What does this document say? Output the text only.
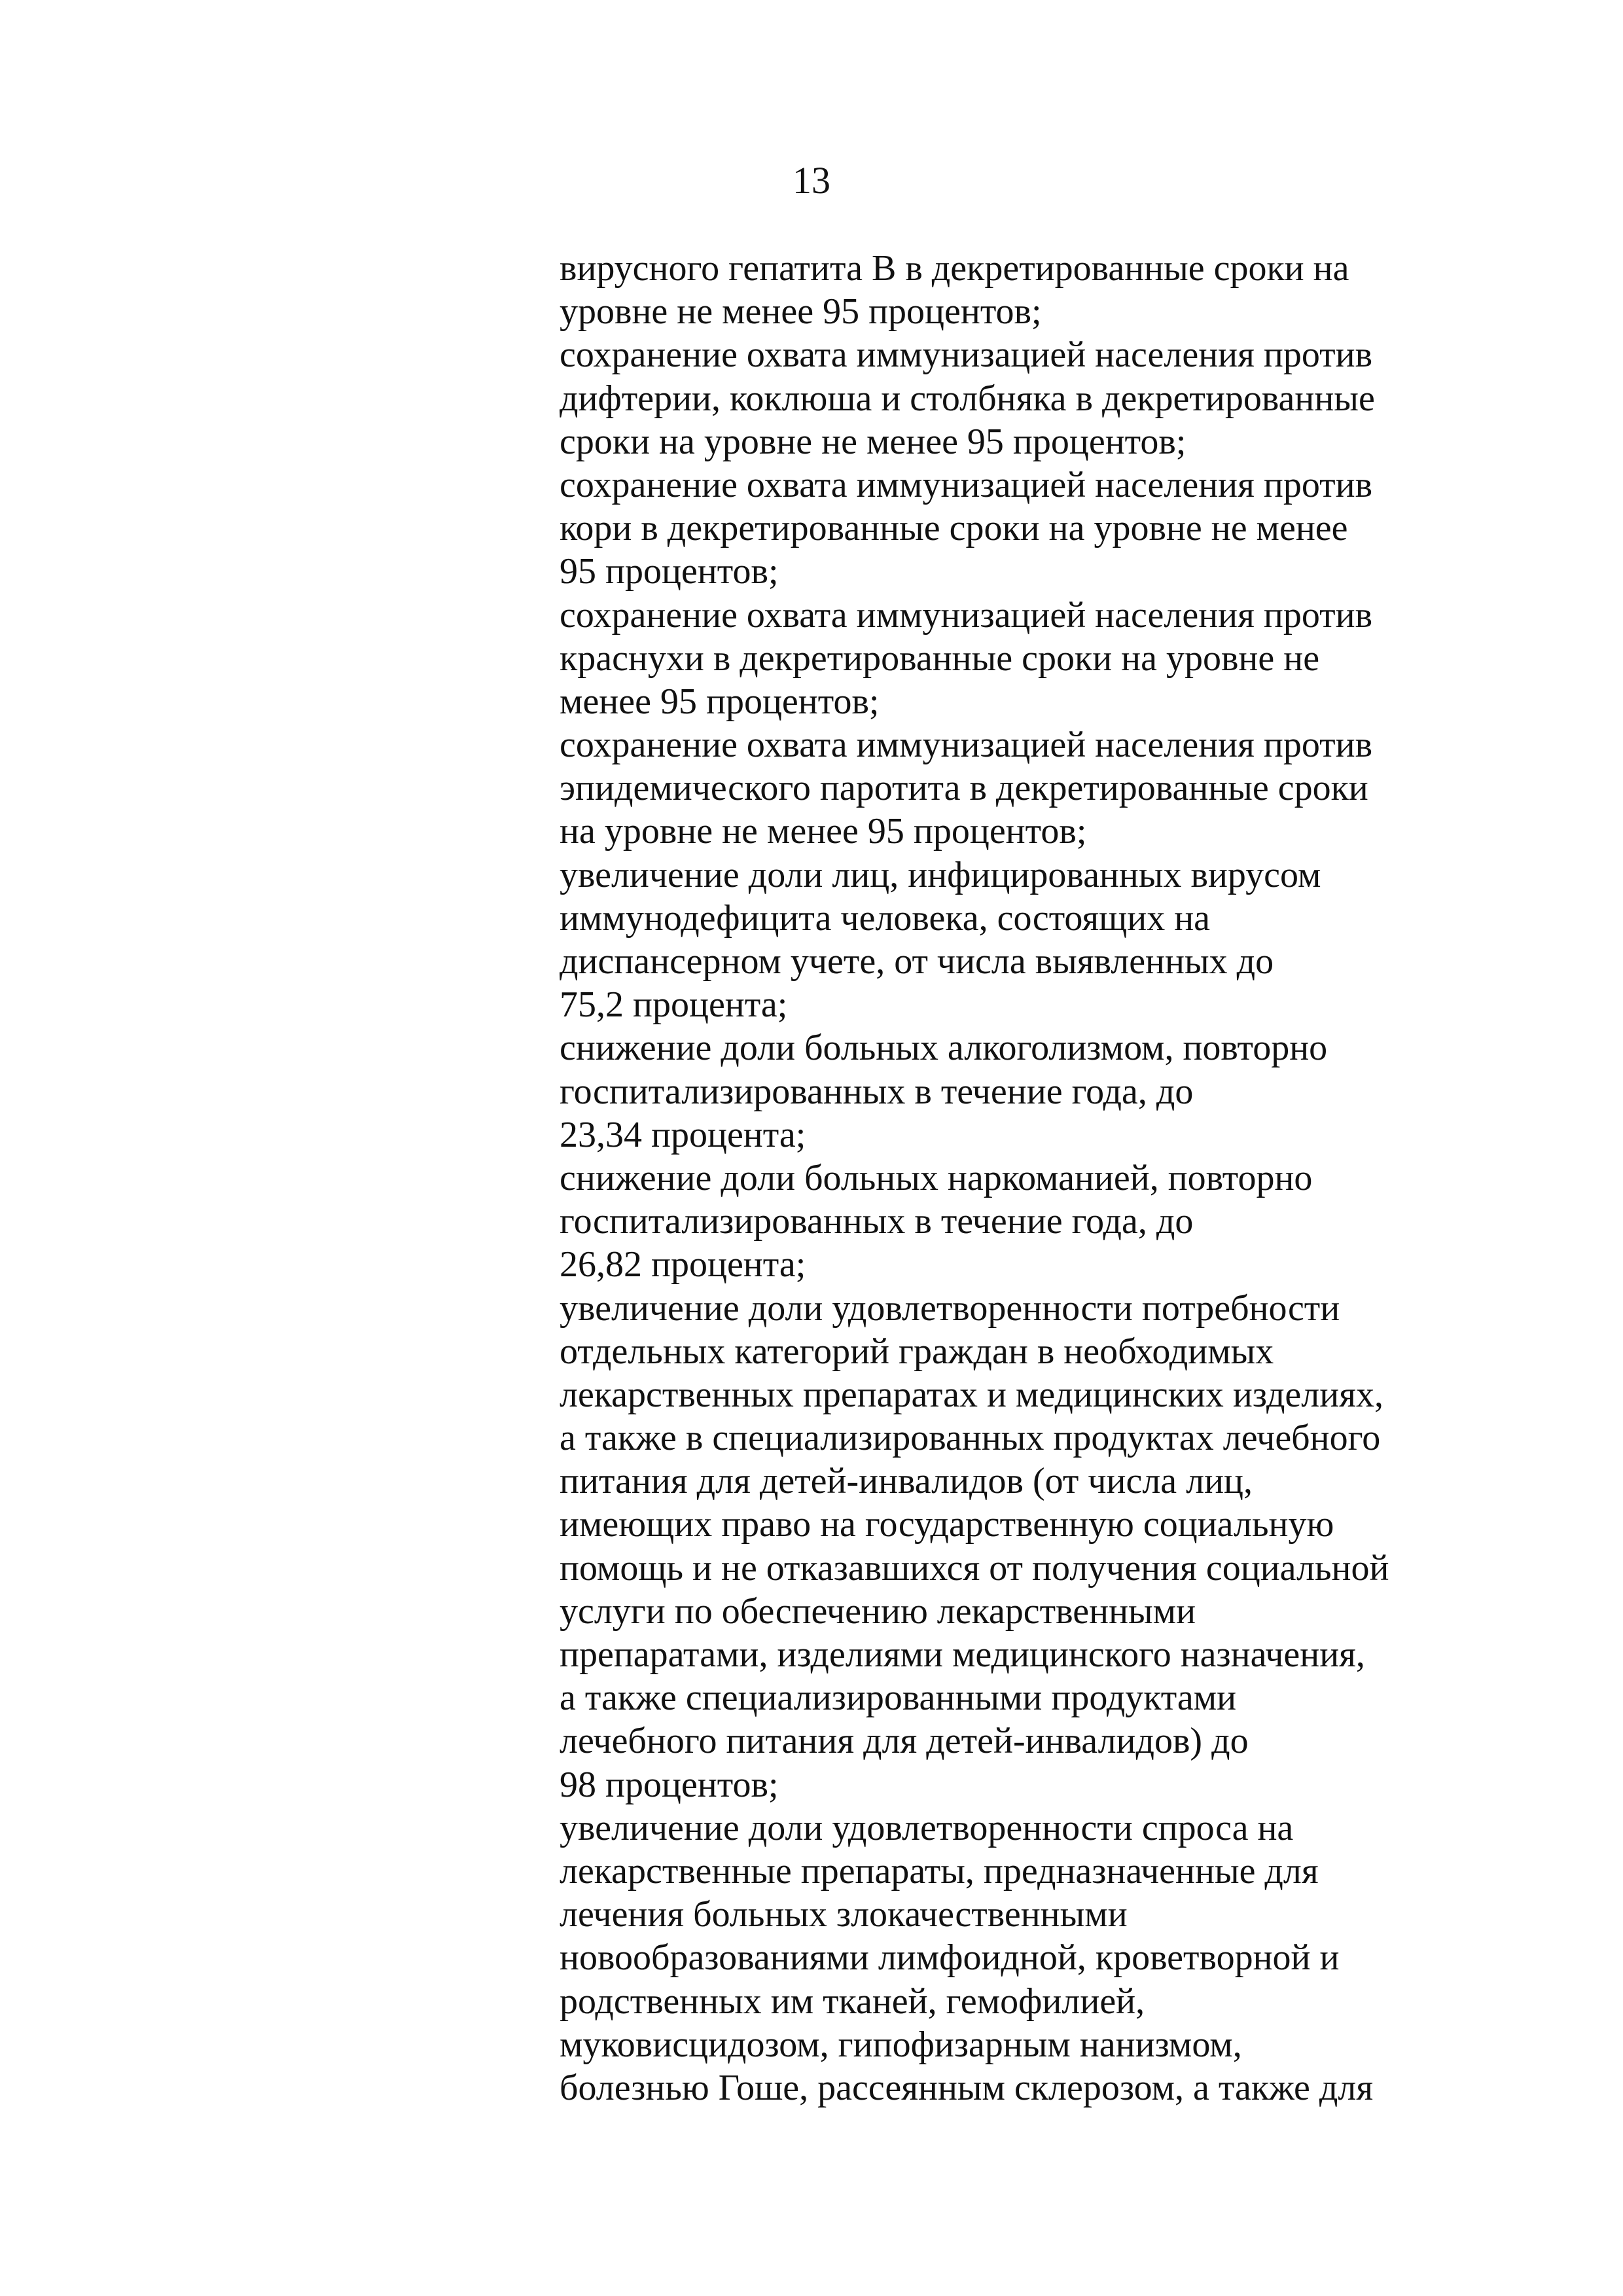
13
вирусного гепатита В в декретированные сроки на
уровне не менее 95 процентов;
сохранение охвата иммунизацией населения против
дифтерии, коклюша и столбняка в декретированные
сроки на уровне не менее 95 процентов;
сохранение охвата иммунизацией населения против
кори в декретированные сроки на уровне не менее
95 процентов;
сохранение охвата иммунизацией населения против
краснухи в декретированные сроки на уровне не
менее 95 процентов;
сохранение охвата иммунизацией населения против
эпидемического паротита в декретированные сроки
на уровне не менее 95 процентов;
увеличение доли лиц, инфицированных вирусом
иммунодефицита человека, состоящих на
диспансерном учете, от числа выявленных до
75,2 процента;
снижение доли больных алкоголизмом, повторно
госпитализированных в течение года, до
23,34 процента;
снижение доли больных наркоманией, повторно
госпитализированных в течение года, до
26,82 процента;
увеличение доли удовлетворенности потребности
отдельных категорий граждан в необходимых
лекарственных препаратах и медицинских изделиях,
а также в специализированных продуктах лечебного
питания для детей-инвалидов (от числа лиц,
имеющих право на государственную социальную
помощь и не отказавшихся от получения социальной
услуги по обеспечению лекарственными
препаратами, изделиями медицинского назначения,
а также специализированными продуктами
лечебного питания для детей-инвалидов) до
98 процентов;
увеличение доли удовлетворенности спроса на
лекарственные препараты, предназначенные для
лечения больных злокачественными
новообразованиями лимфоидной, кроветворной и
родственных им тканей, гемофилией,
муковисцидозом, гипофизарным нанизмом,
болезнью Гоше, рассеянным склерозом, а также для
